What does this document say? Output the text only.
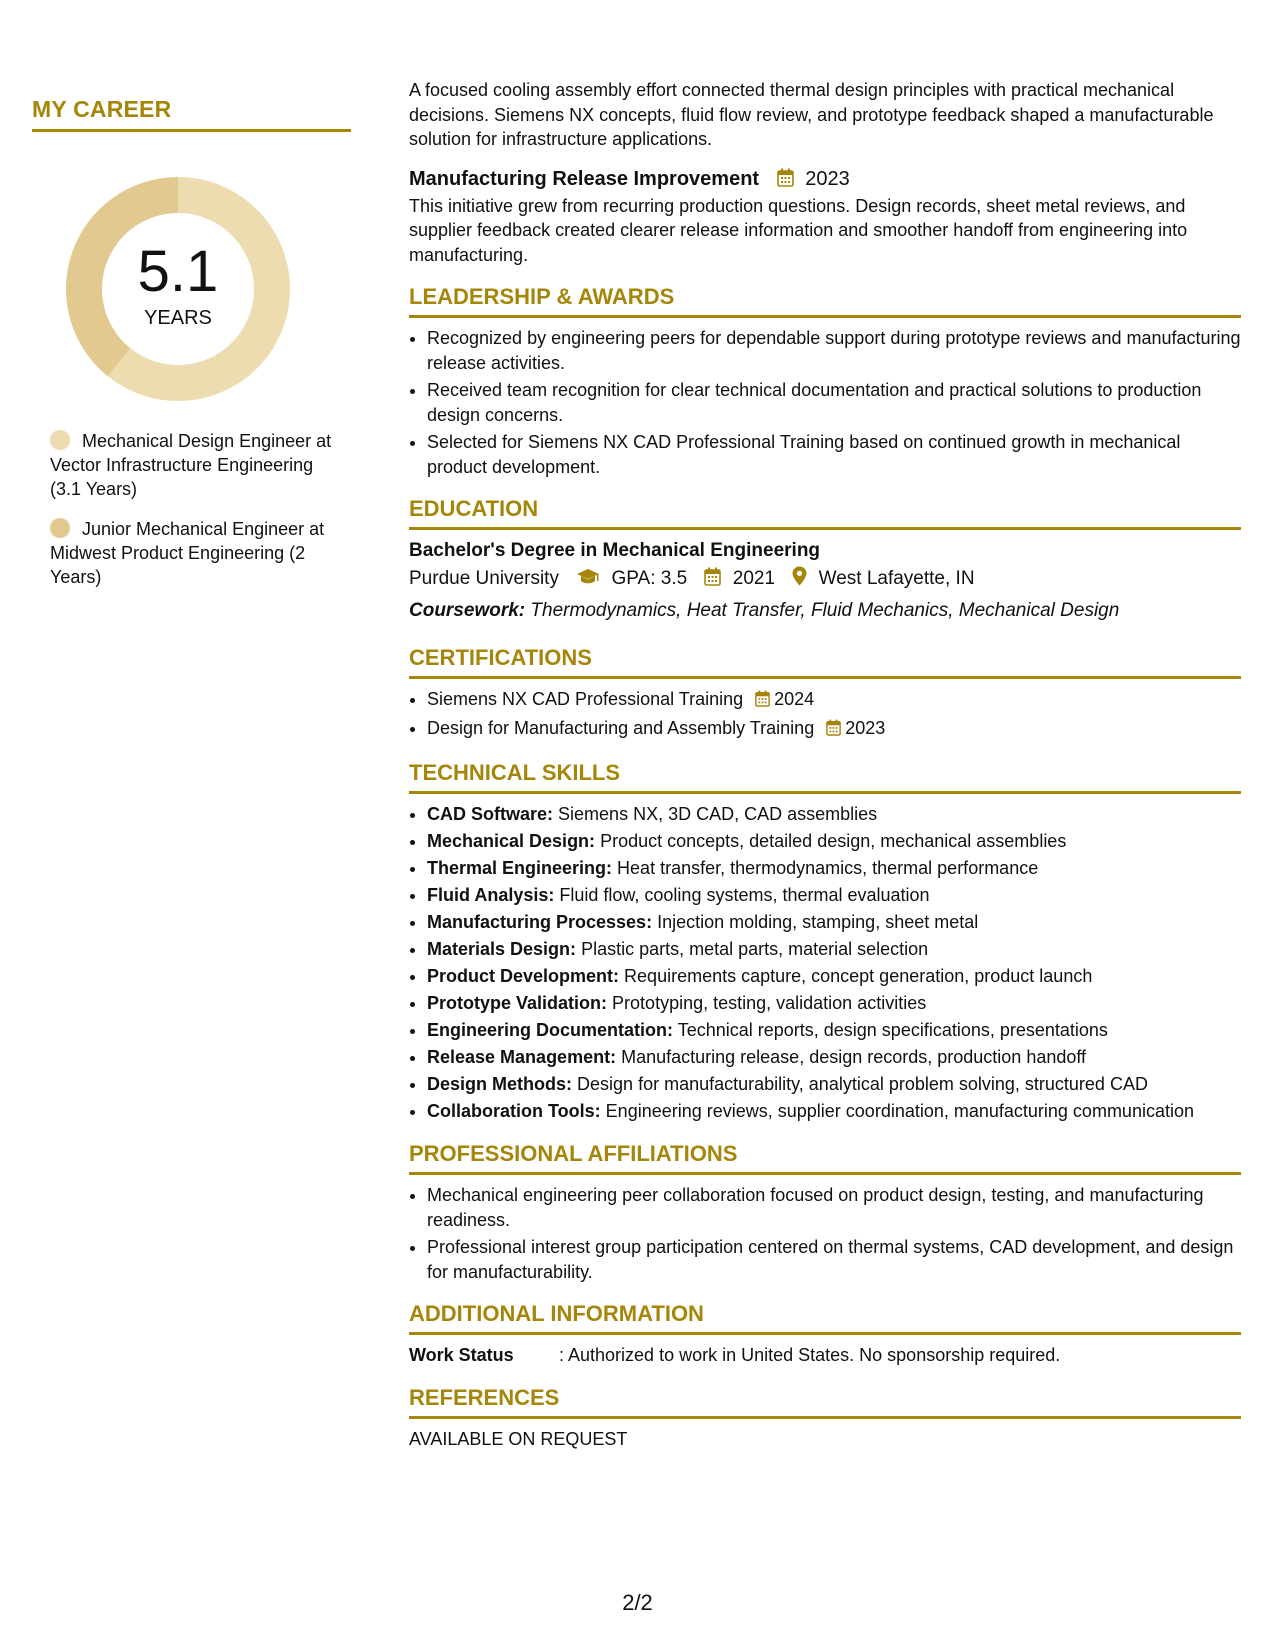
MY CAREER
5.1
YEARS
Mechanical Design Engineer at Vector Infrastructure Engineering (3.1 Years)
Junior Mechanical Engineer at Midwest Product Engineering (2 Years)

A focused cooling assembly effort connected thermal design principles with practical mechanical decisions. Siemens NX concepts, fluid flow review, and prototype feedback shaped a manufacturable solution for infrastructure applications.

Manufacturing Release Improvement 2023

This initiative grew from recurring production questions. Design records, sheet metal reviews, and supplier feedback created clearer release information and smoother handoff from engineering into manufacturing.

LEADERSHIP & AWARDS
• Recognized by engineering peers for dependable support during prototype reviews and manufacturing release activities.
• Received team recognition for clear technical documentation and practical solutions to production design concerns.
• Selected for Siemens NX CAD Professional Training based on continued growth in mechanical product development.
EDUCATION
Bachelor's Degree in Mechanical Engineering
Purdue University	GPA: 3.5 2021 West Lafayette, IN
Coursework: Thermodynamics, Heat Transfer, Fluid Mechanics, Mechanical Design
CERTIFICATIONS
• Siemens NX CAD Professional Training 2024
• Design for Manufacturing and Assembly Training 2023
TECHNICAL SKILLS
• CAD Software: Siemens NX, 3D CAD, CAD assemblies
• Mechanical Design: Product concepts, detailed design, mechanical assemblies
• Thermal Engineering: Heat transfer, thermodynamics, thermal performance
• Fluid Analysis: Fluid flow, cooling systems, thermal evaluation
• Manufacturing Processes: Injection molding, stamping, sheet metal
• Materials Design: Plastic parts, metal parts, material selection
• Product Development: Requirements capture, concept generation, product launch
• Prototype Validation: Prototyping, testing, validation activities
• Engineering Documentation: Technical reports, design specifications, presentations
• Release Management: Manufacturing release, design records, production handoff
• Design Methods: Design for manufacturability, analytical problem solving, structured CAD
• Collaboration Tools: Engineering reviews, supplier coordination, manufacturing communication
PROFESSIONAL AFFILIATIONS
• Mechanical engineering peer collaboration focused on product design, testing, and manufacturing readiness.
• Professional interest group participation centered on thermal systems, CAD development, and design for manufacturability.
ADDITIONAL INFORMATION
Work Status	: Authorized to work in United States. No sponsorship required.
REFERENCES
AVAILABLE ON REQUEST
2/2
